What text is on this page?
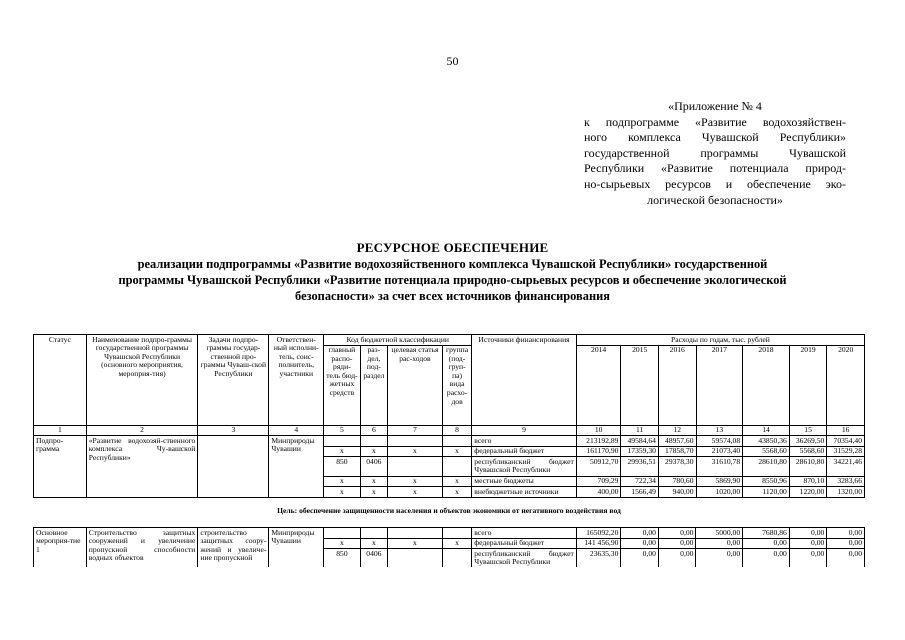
50
«Приложение № 4
к подпрограмме «Развитие водохозяйствен-
ного комплекса Чувашской Республики»
государственной программы Чувашской
Республики «Развитие потенциала природ-
но-сырьевых ресурсов и обеспечение эко-
логической безопасности»
РЕСУРСНОЕ ОБЕСПЕЧЕНИЕ
реализации подпрограммы «Развитие водохозяйственного комплекса Чувашской Республики» государственной
программы Чувашской Республики «Развитие потенциала природно-сырьевых ресурсов и обеспечение экологической
безопасности» за счет всех источников финансирования
Статус	Наименование подпро-граммы государственной программы Чувашской Республики (основного мероприятия, мероприя-тия)	Задачи подпро-граммы государ-ственной про-граммы Чуваш-ской Республики	Ответствен-ный исполни-тель, соис-полнитель, участники	Код бюджетной классификации				Источники финансирования	Расходы по годам, тыс. рублей						
				главный распо-ряди-тель бюд-жетных средств	раз-дел, под-раздел	целевая статья рас-ходов	группа (под-груп-па) вида расхо-дов		2014	2015	2016	2017	2018	2019	2020
1	2	3	4	5	6	7	8	9	10	11	12	13	14	15	16
Подпро-грамма	«Развитие водохозяй-ственного комплекса Чу-вашской Республики»		Минприроды Чувашии					всего	213192,89	49584,64	48957,60	59574,08	43850,36	36269,50	70354,40
				x	x	x	x	федеральный бюджет	161170,90	17359,30	17858,70	21073,40	5568,60	5568,60	31529,28
				850	0406			республиканский бюджет Чувашской Республики	50912,70	29936,51	29378,30	31610,78	28610,80	28610,80	34221,46
				x	x	x	x	местные бюджеты	709,29	722,34	780,60	5869,90	8550,96	870,10	3283,66
				x	x	x	x	внебюджетные источники	400,00	1566,49	940,00	1020,00	1120,00	1220,00	1320,00
Цель: обеспечение защищенности населения и объектов экономики от негативного воздействия вод
Основное мероприя-тие 1	Строительство защитных сооружений и увеличение пропускной способности водных объектов	строительство защитных соору-жений и увеличе-ние пропускной	Минприроды Чувашии					всего	165092,20	0,00	0,00	5000,00	7680,86	0,00	0,00
				x	x	x	x	федеральный бюджет	141 456,90	0,00	0,00	0,00	0,00	0,00	0,00
				850	0406			республиканский бюджет Чувашской Республики	23635,30	0,00	0,00	0,00	0,00	0,00	0,00
